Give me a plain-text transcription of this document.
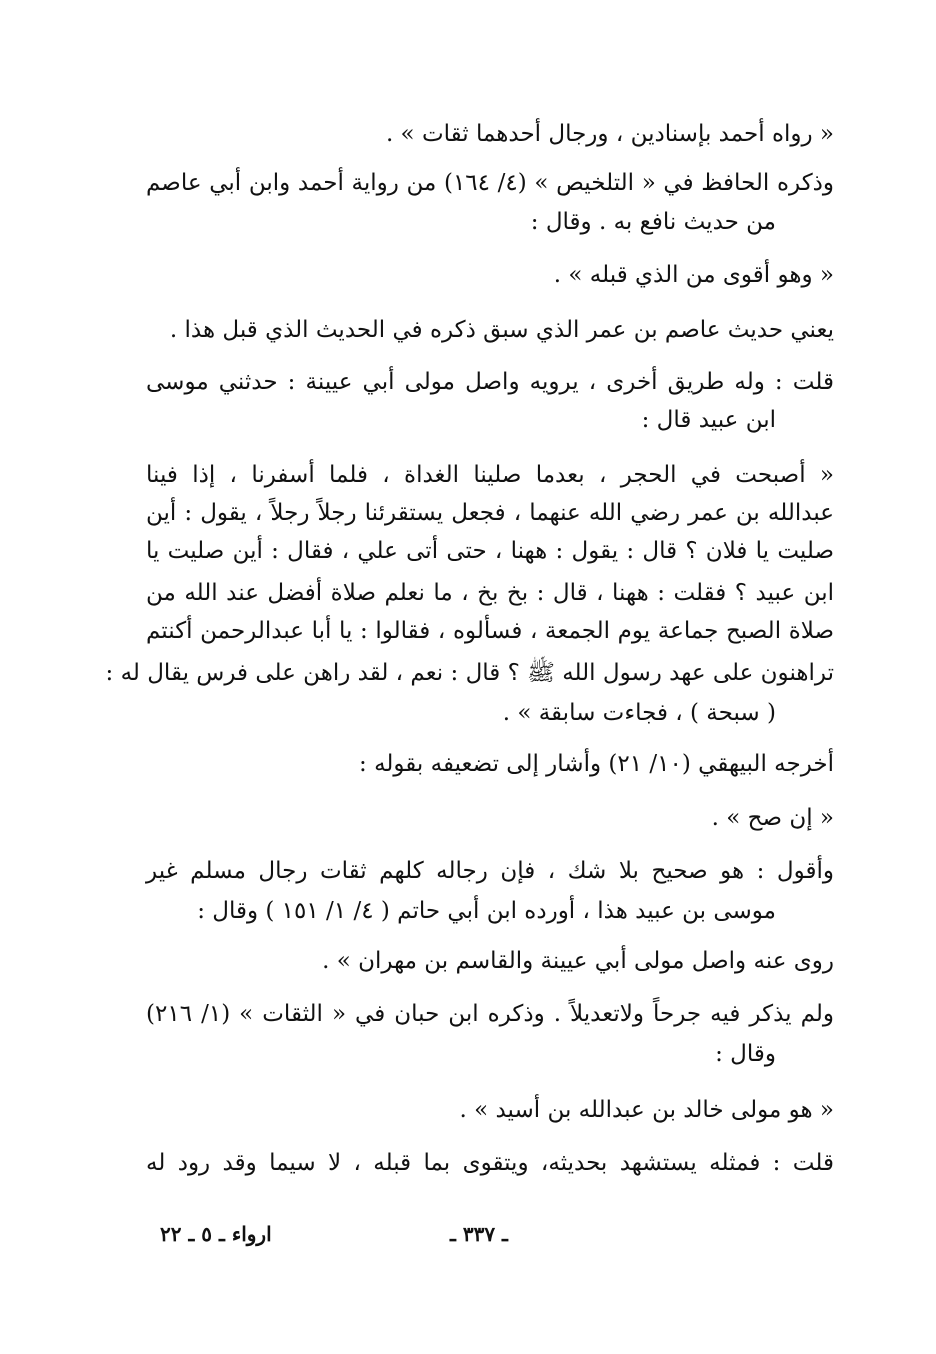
« رواه أحمد بإسنادين ، ورجال أحدهما ثقات » .
وذكره الحافظ في « التلخيص » (٤/ ١٦٤) من رواية أحمد وابن أبي عاصم
من حديث نافع به . وقال :
« وهو أقوى من الذي قبله » .
يعني حديث عاصم بن عمر الذي سبق ذكره في الحديث الذي قبل هذا .
قلت : وله طريق أخرى ، يرويه واصل مولى أبي عيينة : حدثني موسى
ابن عبيد قال :
« أصبحت في الحجر ، بعدما صلينا الغداة ، فلما أسفرنا ، إذا فينا
عبدالله بن عمر رضي الله عنهما ، فجعل يستقرئنا رجلاً رجلاً ، يقول : أين
صليت يا فلان ؟ قال : يقول : ههنا ، حتى أتى علي ، فقال : أين صليت يا
ابن عبيد ؟ فقلت : ههنا ، قال : بخ بخ ، ما نعلم صلاة أفضل عند الله من
صلاة الصبح جماعة يوم الجمعة ، فسألوه ، فقالوا : يا أبا عبدالرحمن أكنتم
تراهنون على عهد رسول الله ﷺ ؟ قال : نعم ، لقد راهن على فرس يقال له :
( سبحة ) ، فجاءت سابقة » .
أخرجه البيهقي (١٠/ ٢١) وأشار إلى تضعيفه بقوله :
« إن صح » .
وأقول : هو صحيح بلا شك ، فإن رجاله كلهم ثقات رجال مسلم غير
موسى بن عبيد هذا ، أورده ابن أبي حاتم ( ٤/ ١/ ١٥١ ) وقال :
روى عنه واصل مولى أبي عيينة والقاسم بن مهران » .
ولم يذكر فيه جرحاً ولاتعديلاً . وذكره ابن حبان في « الثقات » (١/ ٢١٦)
وقال :
« هو مولى خالد بن عبدالله بن أسيد » .
قلت : فمثله يستشهد بحديثه، ويتقوى بما قبله ، لا سيما وقد رود له
ـ ٣٣٧ ـ
ارواء ـ ٥ ـ ٢٢
